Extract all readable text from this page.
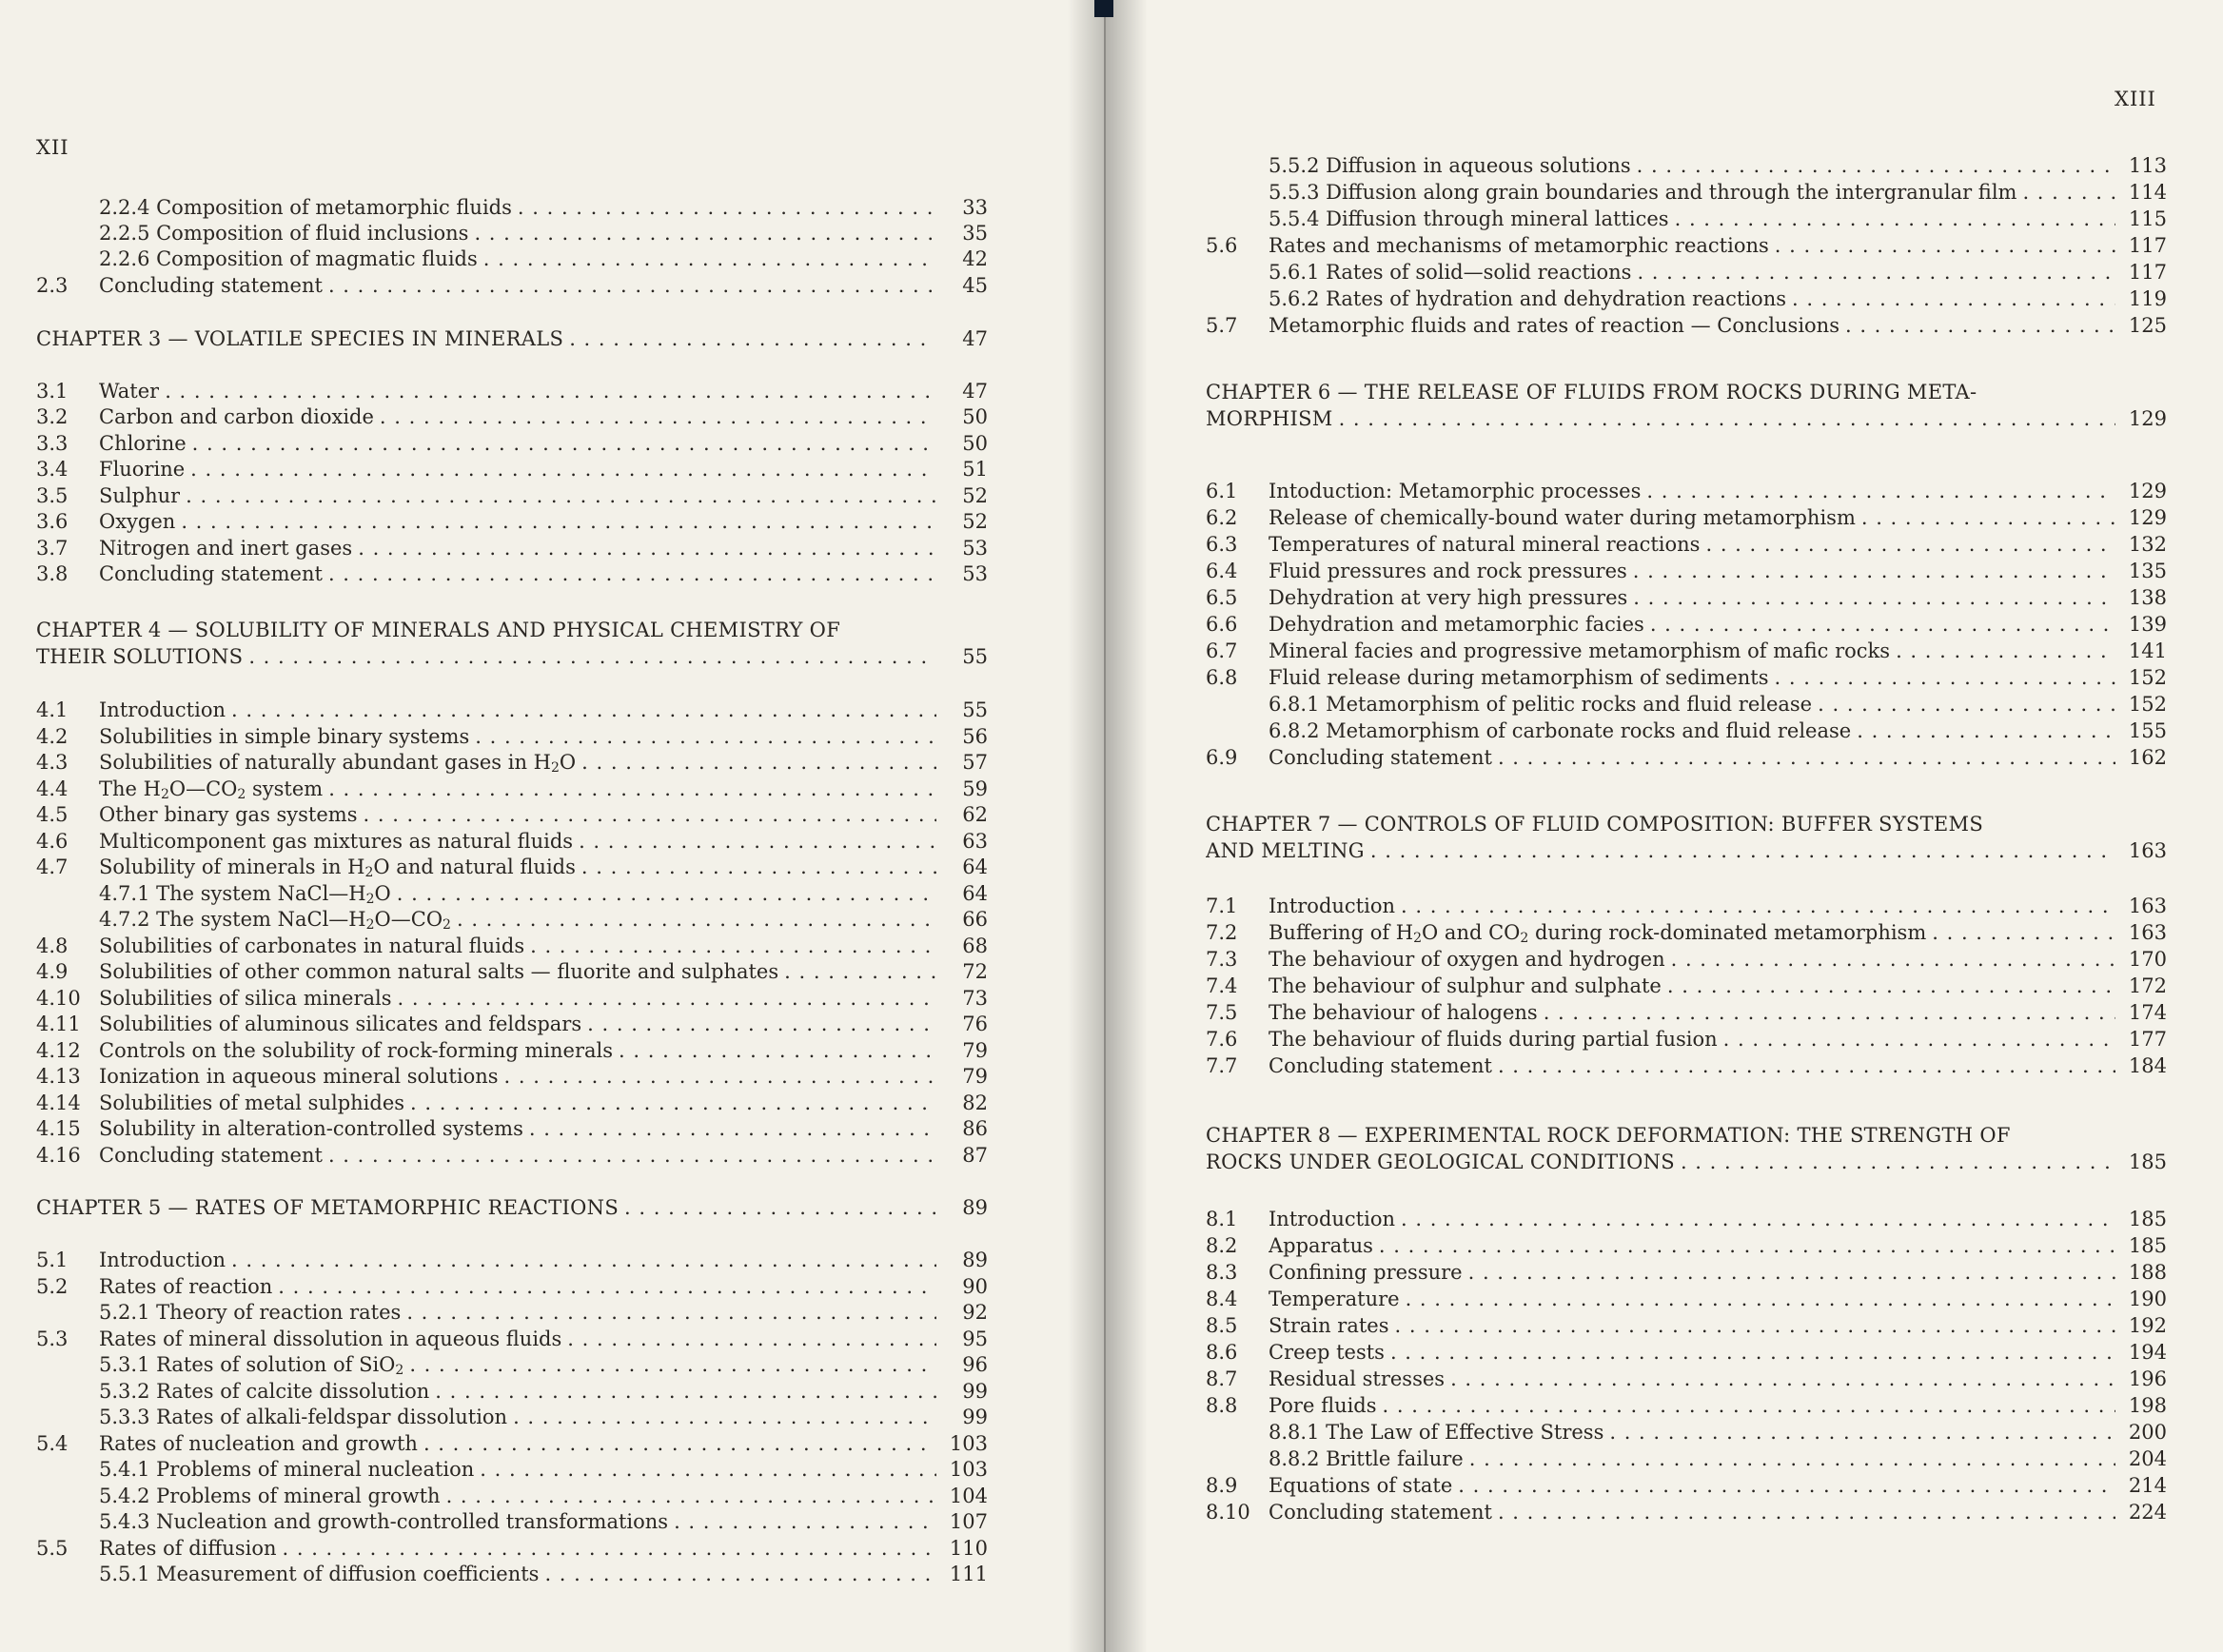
XII
2.2.4 Composition of metamorphic fluids . . .	33
2.2.5 Composition of fluid inclusions . . .	35
2.2.6 Composition of magmatic fluids . . .	42
2.3	Concluding statement . . .	45
CHAPTER 3 — VOLATILE SPECIES IN MINERALS . . .	47
3.1	Water . . .	47
3.2	Carbon and carbon dioxide . . .	50
3.3	Chlorine . . .	50
3.4	Fluorine . . .	51
3.5	Sulphur . . .	52
3.6	Oxygen . . .	52
3.7	Nitrogen and inert gases . . .	53
3.8	Concluding statement . . .	53
CHAPTER 4 — SOLUBILITY OF MINERALS AND PHYSICAL CHEMISTRY OF
THEIR SOLUTIONS . . .	55
4.1	Introduction . . .	55
4.2	Solubilities in simple binary systems . . .	56
4.3	Solubilities of naturally abundant gases in $H_2O$ . . .	57
4.4	The $H_2O—CO_2$ system . . .	59
4.5	Other binary gas systems . . .	62
4.6	Multicomponent gas mixtures as natural fluids . . .	63
4.7	Solubility of minerals in $H_2O$ and natural fluids . . .	64
4.7.1 The system $NaCl—H_2O$ . . .	64
4.7.2 The system $NaCl—H_2O—CO_2$ . . .	66
4.8	Solubilities of carbonates in natural fluids . . .	68
4.9	Solubilities of other common natural salts — fluorite and sulphates . . .	72
4.10 Solubilities of silica minerals . . .	73
4.11 Solubilities of aluminous silicates and feldspars . . .	76
4.12 Controls on the solubility of rock-forming minerals . . .	79
4.13 Ionization in aqueous mineral solutions . . .	79
4.14 Solubilities of metal sulphides . . .	82
4.15 Solubility in alteration-controlled systems . . .	86
4.16 Concluding statement . . .	87
CHAPTER 5 — RATES OF METAMORPHIC REACTIONS . . .	89
5.1	Introduction . . .	89
5.2	Rates of reaction . . .	90
5.2.1 Theory of reaction rates . . .	92
5.3	Rates of mineral dissolution in aqueous fluids . . .	95
5.3.1 Rates of solution of SiO$_2$ . . .	96
5.3.2 Rates of calcite dissolution . . .	99
5.3.3 Rates of alkali-feldspar dissolution . . .	99
5.4	Rates of nucleation and growth . . .	103
5.4.1 Problems of mineral nucleation . . .	103
5.4.2 Problems of mineral growth . . .	104
5.4.3 Nucleation and growth-controlled transformations . . .	107
5.5	Rates of diffusion . . .	110
5.5.1 Measurement of diffusion coefficients . . .	111
XIII
5.5.2 Diffusion in aqueous solutions . . .	113
5.5.3 Diffusion along grain boundaries and through the intergranular film . . .	114
5.5.4 Diffusion through mineral lattices . . .	115
5.6	Rates and mechanisms of metamorphic reactions . . .	117
5.6.1 Rates of solid—solid reactions . . .	117
5.6.2 Rates of hydration and dehydration reactions . . .	119
5.7	Metamorphic fluids and rates of reaction — Conclusions . . .	125
CHAPTER 6 — THE RELEASE OF FLUIDS FROM ROCKS DURING META-
MORPHISM . . .	129
6.1	Intoduction: Metamorphic processes . . .	129
6.2	Release of chemically-bound water during metamorphism . . .	129
6.3	Temperatures of natural mineral reactions . . .	132
6.4	Fluid pressures and rock pressures . . .	135
6.5	Dehydration at very high pressures . . .	138
6.6	Dehydration and metamorphic facies . . .	139
6.7	Mineral facies and progressive metamorphism of mafic rocks . . .	141
6.8	Fluid release during metamorphism of sediments . . .	152
6.8.1 Metamorphism of pelitic rocks and fluid release . . .	152
6.8.2 Metamorphism of carbonate rocks and fluid release . . .	155
6.9	Concluding statement . . .	162
CHAPTER 7 — CONTROLS OF FLUID COMPOSITION: BUFFER SYSTEMS
AND MELTING . . .	163
7.1	Introduction . . .	163
7.2	Buffering of $H_2O$ and $CO_2$ during rock-dominated metamorphism . . .	163
7.3	The behaviour of oxygen and hydrogen . . .	170
7.4	The behaviour of sulphur and sulphate . . .	172
7.5	The behaviour of halogens . . .	174
7.6	The behaviour of fluids during partial fusion . . .	177
7.7	Concluding statement . . .	184
CHAPTER 8 — EXPERIMENTAL ROCK DEFORMATION: THE STRENGTH OF
ROCKS UNDER GEOLOGICAL CONDITIONS . . .	185
8.1	Introduction . . .	185
8.2	Apparatus . . .	185
8.3	Confining pressure . . .	188
8.4	Temperature . . .	190
8.5	Strain rates . . .	192
8.6	Creep tests . . .	194
8.7	Residual stresses . . .	196
8.8	Pore fluids . . .	198
8.8.1 The Law of Effective Stress . . .	200
8.8.2 Brittle failure . . .	204
8.9	Equations of state . . .	214
8.10 Concluding statement . . .	224
